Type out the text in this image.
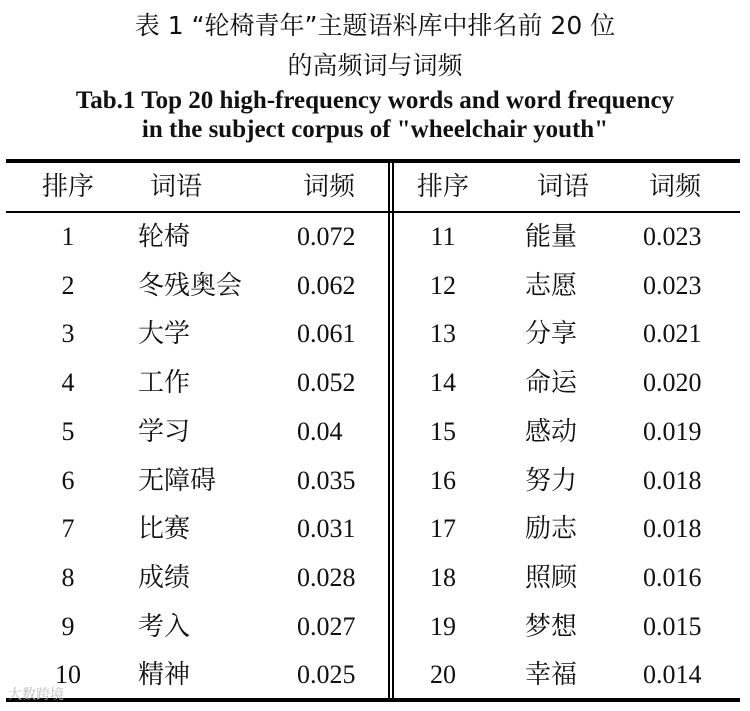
表 1 “轮椅青年”主题语料库中排名前 20 位
的高频词与词频
Tab.1 Top 20 high-frequency words and word frequency
in the subject corpus of "wheelchair youth"
大数跨境
排序	词语	词频
1	轮椅	0.072
2	冬残奥会 0.062
3	大学	0.061
4	工作	0.052
5	学习	0.04
6	无障碍	0.035
7	比赛	0.031
8	成绩	0.028
9	考入	0.027
10	精神	0.025
排序	词语	词频
11	能量	0.023
12	志愿	0.023
13	分享	0.021
14	命运	0.020
15	感动	0.019
16	努力	0.018
17	励志	0.018
18	照顾	0.016
19	梦想	0.015
20	幸福	0.014
